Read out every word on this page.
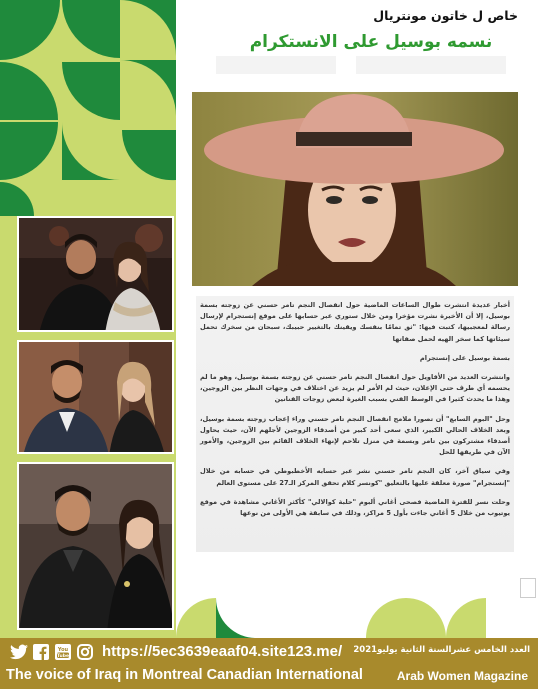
خاص ل خاتون مونتريال
نسمه بوسيل على الانستكرام

أخبار عديدة انتشرت طوال الساعات الماضية حول انفصال النجم تامر حسني عن زوجته بسمة بوسيل، إلا أن الأخيرة نشرت مؤخرا ومن خلال ستوري عبر حسابها على موقع إنستجرام لإرسال رسالة لمعجبيها، كتبت فيها: "ثق تمامًا بنفسك ويقينك بالتغيير حبيبك، سبحان من سخرك تحمل سيئاتها كما سخر الهيه لحمل صفاتها

بسمة بوسيل على إنستجرام

وانتشرت العديد من الأقاويل حول انفصال النجم تامر حسني عن زوجته بسمة بوسيل، وهو ما لم يحسمه أي طرف حتى الإعلان، حيث لم الأمر لم يزيد عن اختلاف في وجهات النظر بين الزوجين، وهذا ما يحدث كثيرا في الوسط الفني بسبب الغيرة لبعض زوجات الفنانين

وحل "البوم السابع" أن تصورا ملامح انفصال النجم تامر حسني وراء إعجاب زوجته بسمة بوسيل، وبعد الخلاف الحالي الكبير، الذي سعى أحد كبير من أصدقاء الزوجين لأجلهم الآن، حيث يحاول أصدقاء مشتركون بين تامر وبسمة في منزل تلاحم لإنهاء الخلاف القائم بين الزوجين، والأمور الآن في طريقها للحل

وفي سياق آخر، كان النجم تامر حسني نشر عبر حسابه الأخطبوطي في حسابه من خلال "إنستجرام" صورة معلقة عليها بالتعليق "كونسر كلام تحقق المركز الـ27 على مستوى العالم

وحلت نسر للفترة الماضية فصحى أغاني ألبوم "حلبة كوالالي" كأكثر الأغاني مشاهدة في موقع يوتيوب من خلال 5 أغاني جاءت بأول 5 مراكز، وذلك في سابقة هي الأولى من نوعها

You
Tube https://5ec3639eaaf04.site123.me/ العدد الخامس عشرالسنة الثانية يوليو2021
The voice of Iraq in Montreal Canadian International	Arab Women Magazine
